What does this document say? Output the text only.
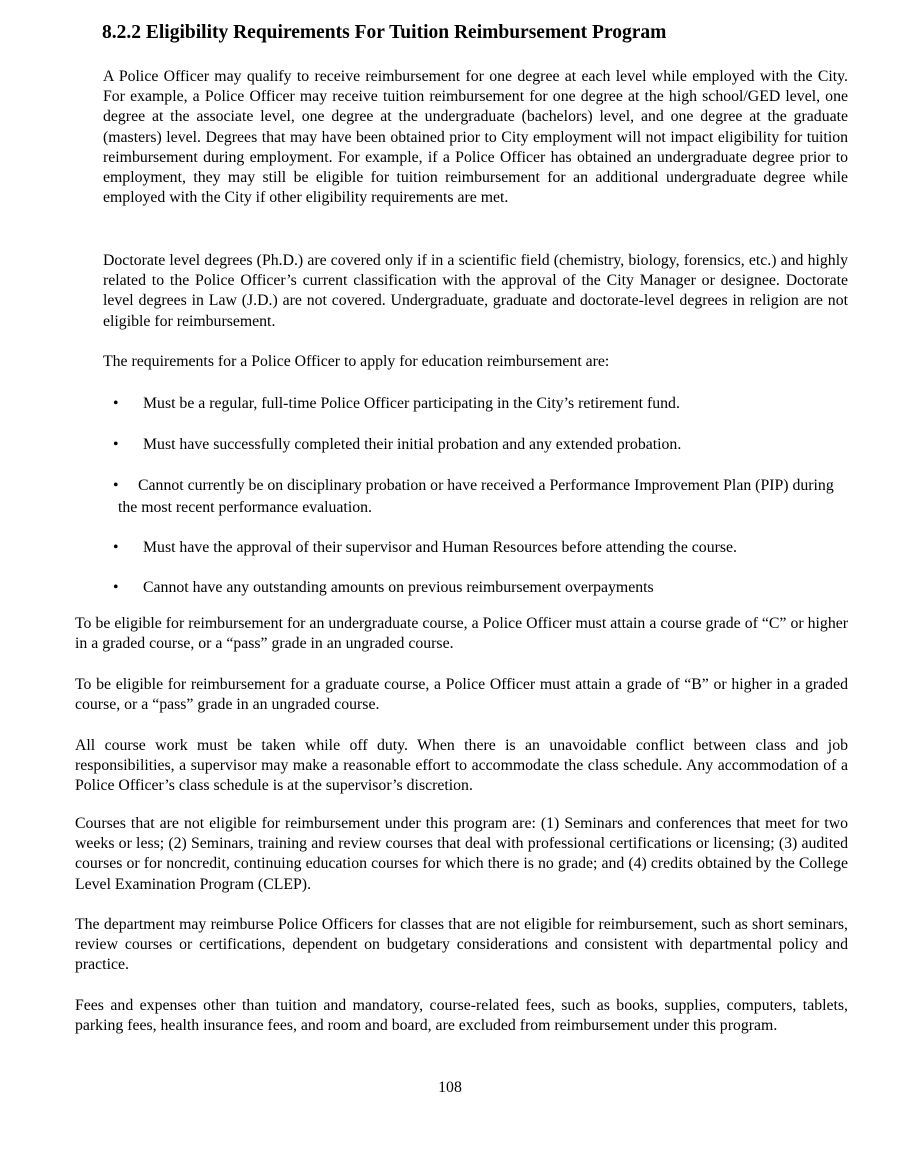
8.2.2 Eligibility Requirements For Tuition Reimbursement Program

A Police Officer may qualify to receive reimbursement for one degree at each level while employed with the City. For example, a Police Officer may receive tuition reimbursement for one degree at the high school/GED level, one degree at the associate level, one degree at the undergraduate (bachelors) level, and one degree at the graduate (masters) level. Degrees that may have been obtained prior to City employment will not impact eligibility for tuition reimbursement during employment. For example, if a Police Officer has obtained an undergraduate degree prior to employment, they may still be eligible for tuition reimbursement for an additional undergraduate degree while employed with the City if other eligibility requirements are met.

Doctorate level degrees (Ph.D.) are covered only if in a scientific field (chemistry, biology, forensics, etc.) and highly related to the Police Officer’s current classification with the approval of the City Manager or designee. Doctorate level degrees in Law (J.D.) are not covered. Undergraduate, graduate and doctorate-level degrees in religion are not eligible for reimbursement.

The requirements for a Police Officer to apply for education reimbursement are:

• Must be a regular, full-time Police Officer participating in the City’s retirement fund.
• Must have successfully completed their initial probation and any extended probation.
• Cannot currently be on disciplinary probation or have received a Performance Improvement Plan (PIP) during the most recent performance evaluation.
• Must have the approval of their supervisor and Human Resources before attending the course.
• Cannot have any outstanding amounts on previous reimbursement overpayments

To be eligible for reimbursement for an undergraduate course, a Police Officer must attain a course grade of “C” or higher in a graded course, or a “pass” grade in an ungraded course.

To be eligible for reimbursement for a graduate course, a Police Officer must attain a grade of “B” or higher in a graded course, or a “pass” grade in an ungraded course.

All course work must be taken while off duty. When there is an unavoidable conflict between class and job responsibilities, a supervisor may make a reasonable effort to accommodate the class schedule. Any accommodation of a Police Officer’s class schedule is at the supervisor’s discretion.

Courses that are not eligible for reimbursement under this program are: (1) Seminars and conferences that meet for two weeks or less; (2) Seminars, training and review courses that deal with professional certifications or licensing; (3) audited courses or for noncredit, continuing education courses for which there is no grade; and (4) credits obtained by the College Level Examination Program (CLEP).

The department may reimburse Police Officers for classes that are not eligible for reimbursement, such as short seminars, review courses or certifications, dependent on budgetary considerations and consistent with departmental policy and practice.

Fees and expenses other than tuition and mandatory, course-related fees, such as books, supplies, computers, tablets, parking fees, health insurance fees, and room and board, are excluded from reimbursement under this program.

108
